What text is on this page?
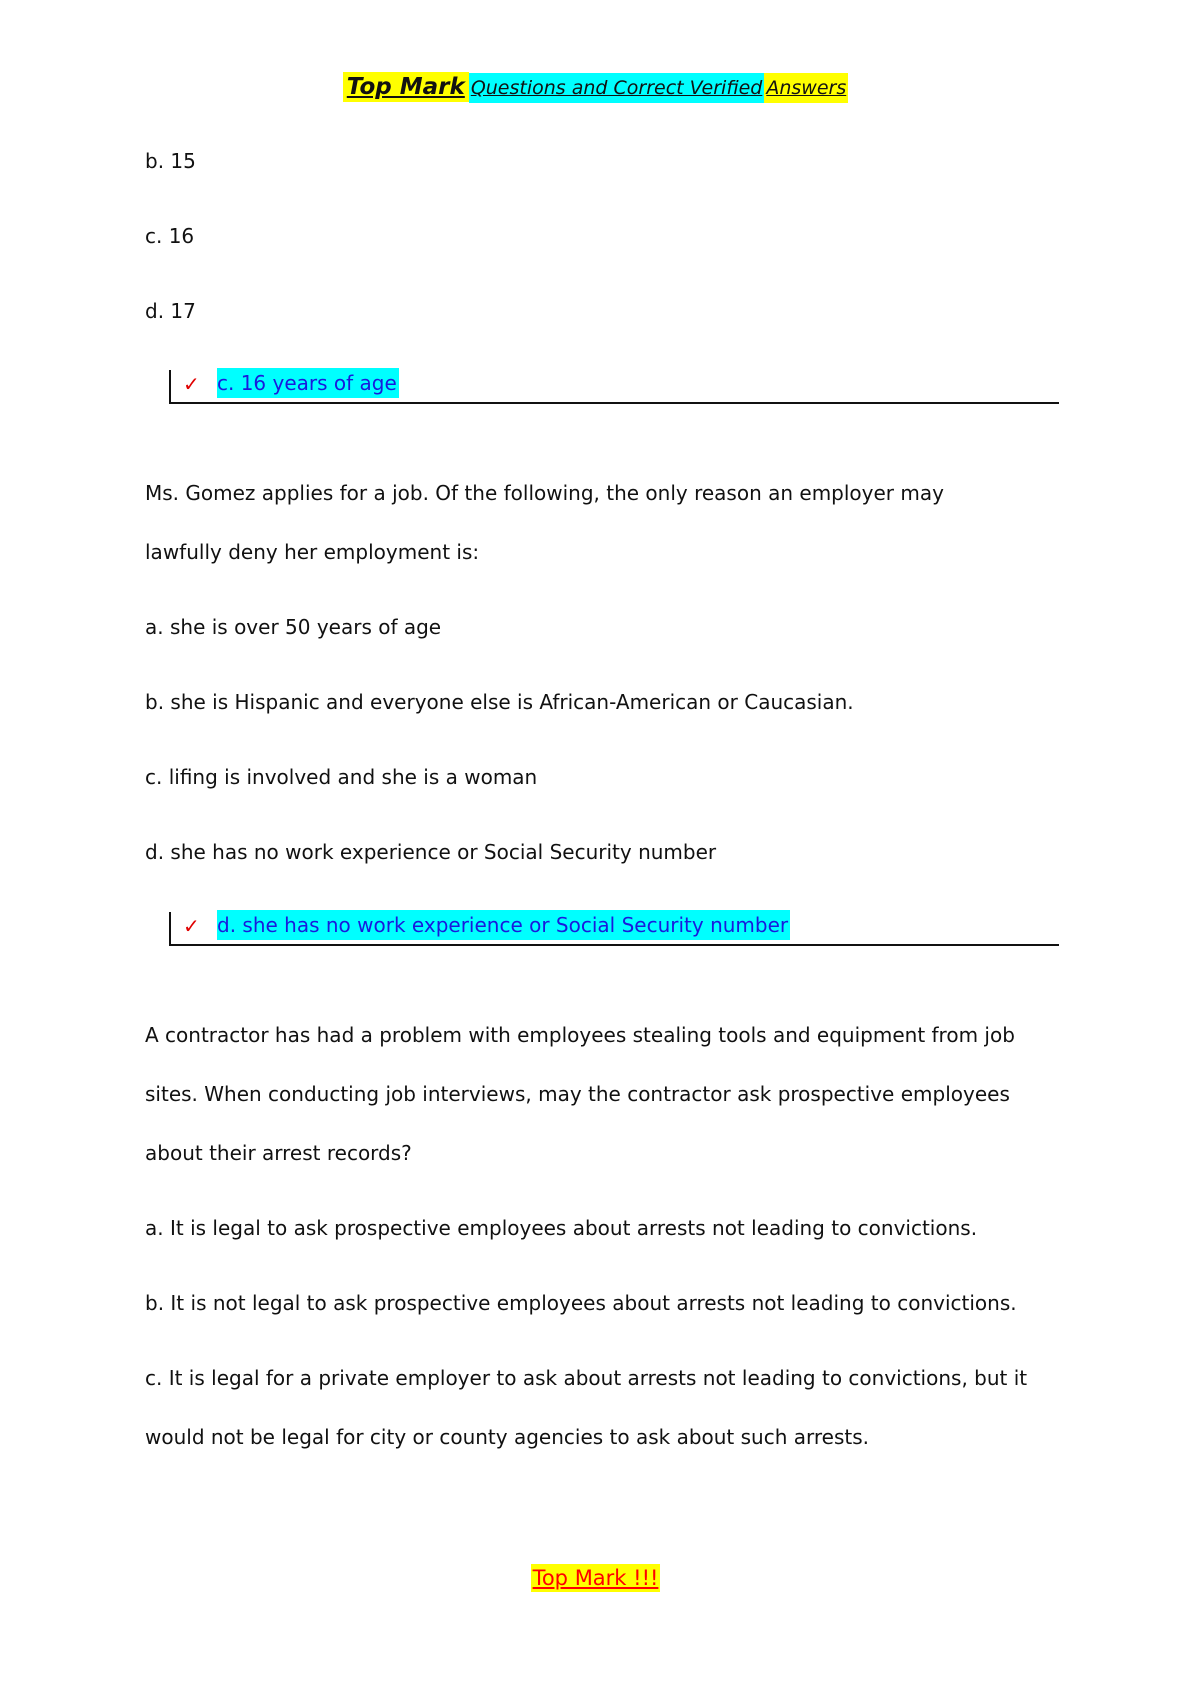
Top Mark Questions and Correct Verified Answers
b. 15
c. 16
d. 17
✓ c. 16 years of age
Ms. Gomez applies for a job. Of the following, the only reason an employer may
lawfully deny her employment is:
a. she is over 50 years of age
b. she is Hispanic and everyone else is African-American or Caucasian.
c. lifing is involved and she is a woman
d. she has no work experience or Social Security number
✓ d. she has no work experience or Social Security number
A contractor has had a problem with employees stealing tools and equipment from job
sites. When conducting job interviews, may the contractor ask prospective employees
about their arrest records?
a. It is legal to ask prospective employees about arrests not leading to convictions.
b. It is not legal to ask prospective employees about arrests not leading to convictions.
c. It is legal for a private employer to ask about arrests not leading to convictions, but it
would not be legal for city or county agencies to ask about such arrests.
Top Mark !!!
